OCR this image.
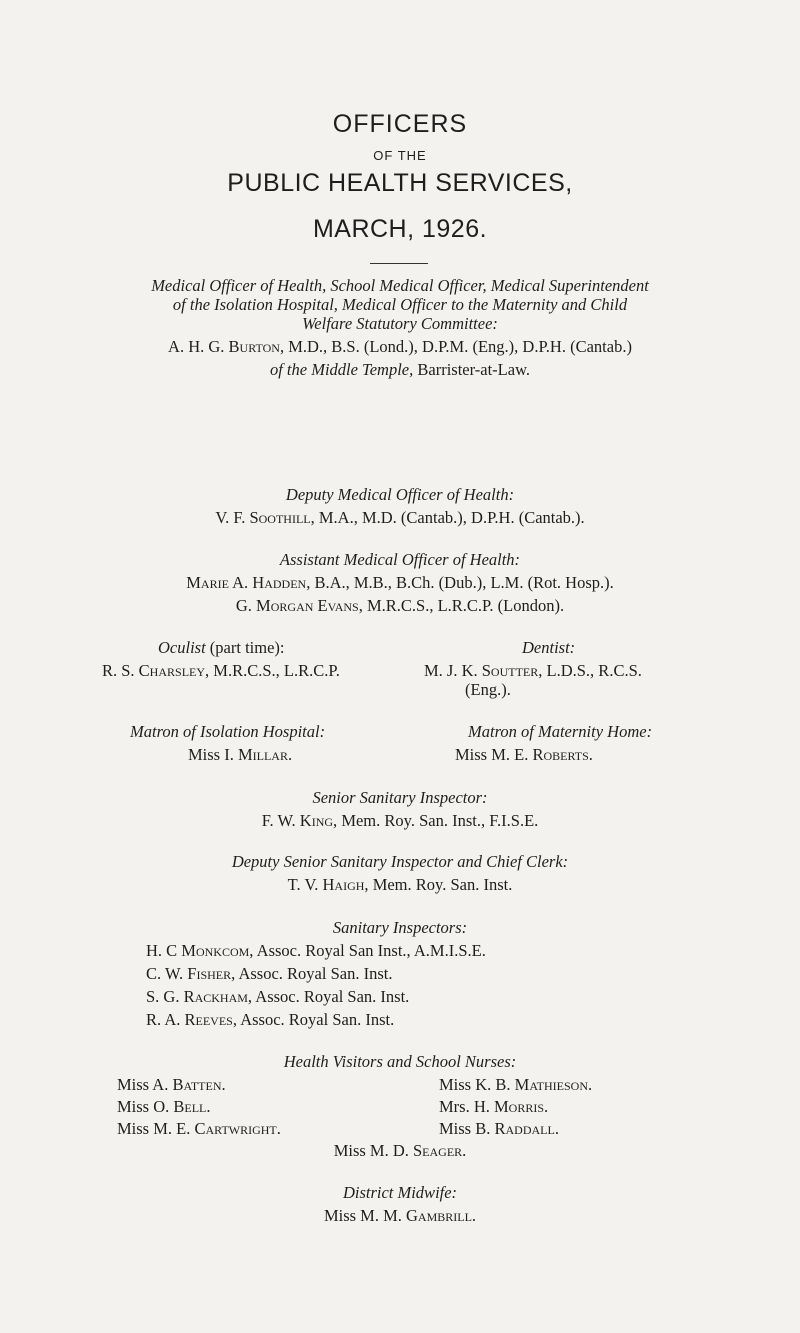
OFFICERS
OF THE
PUBLIC HEALTH SERVICES,
MARCH, 1926.
Medical Officer of Health, School Medical Officer, Medical Superintendent
of the Isolation Hospital, Medical Officer to the Maternity and Child
Welfare Statutory Committee:
A. H. G. Burton, M.D., B.S. (Lond.), D.P.M. (Eng.), D.P.H. (Cantab.)
of the Middle Temple, Barrister-at-Law.
Deputy Medical Officer of Health:
V. F. Soothill, M.A., M.D. (Cantab.), D.P.H. (Cantab.).
Assistant Medical Officer of Health:
Marie A. Hadden, B.A., M.B., B.Ch. (Dub.), L.M. (Rot. Hosp.).
G. Morgan Evans, M.R.C.S., L.R.C.P. (London).
Oculist (part time):
R. S. Charsley, M.R.C.S., L.R.C.P.
Dentist:
M. J. K. Soutter, L.D.S., R.C.S.
(Eng.).
Matron of Isolation Hospital:
Miss I. Millar.
Matron of Maternity Home:
Miss M. E. Roberts.
Senior Sanitary Inspector:
F. W. King, Mem. Roy. San. Inst., F.I.S.E.
Deputy Senior Sanitary Inspector and Chief Clerk:
T. V. Haigh, Mem. Roy. San. Inst.
Sanitary Inspectors:
H. C Monkcom, Assoc. Royal San Inst., A.M.I.S.E.
C. W. Fisher, Assoc. Royal San. Inst.
S. G. Rackham, Assoc. Royal San. Inst.
R. A. Reeves, Assoc. Royal San. Inst.
Health Visitors and School Nurses:
Miss A. Batten.
Miss O. Bell.
Miss M. E. Cartwright.
Miss K. B. Mathieson.
Mrs. H. Morris.
Miss B. Raddall.
Miss M. D. Seager.
District Midwife:
Miss M. M. Gambrill.
